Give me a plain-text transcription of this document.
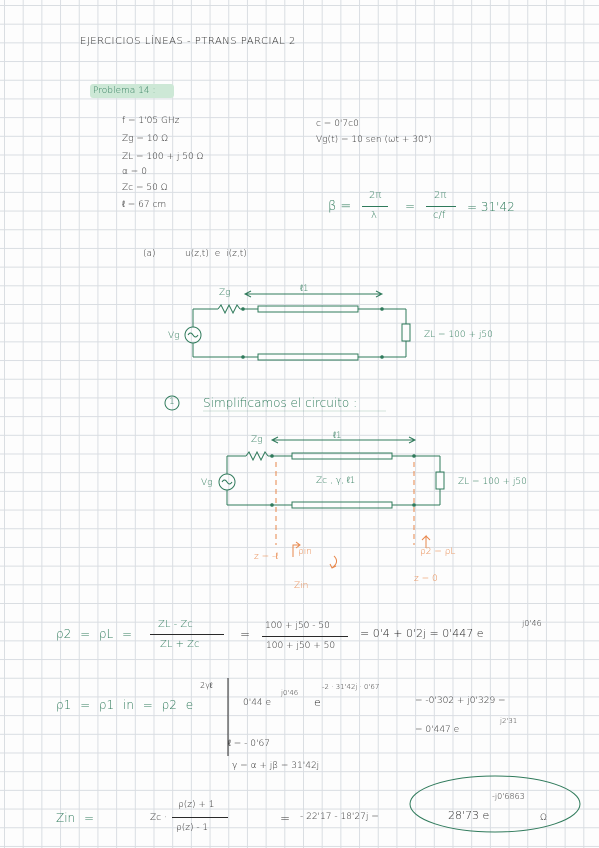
EJERCICIOS LÍNEAS - PTRANS PARCIAL 2
Problema 14 :
f = 1'05 GHz
Zg = 10 Ω
ZL = 100 + j 50 Ω
α = 0
Zc = 50 Ω
ℓ = 67 cm
c = 0'7c0
Vg(t) = 10 sen (ωt + 30°)
β =
2π
λ
=
2π
c/f
= 31'42
(a)	u(z,t) e i(z,t)
Zg	ℓ1
Vg	ZL = 100 + j50
1 Simplificamos el circuito :
Zg	ℓ1
Vg	Zc , γ, ℓ1	ZL = 100 + j50
z = -ℓ ρin
Zin
ρ2 = ρL
z = 0
ρ2 = ρL =
ZL - Zc
ZL + Zc
=
100 + j50 - 50
100 + j50 + 50
= 0'4 + 0'2j = 0'447 e
j0'46
ρ1 = ρ1 in = ρ2 e
2γℓ
0'44 e
j0'46
e
-2 · 31'42j · 0'67
= -0'302 + j0'329 =
= 0'447 e
j2'31
ℓ = - 0'67
γ = α + jβ = 31'42j
Zin =	Zc ·
ρ(z) + 1
ρ(z) - 1
= - 22'17 - 18'27j =	28'73 e
-j0'6863
Ω
